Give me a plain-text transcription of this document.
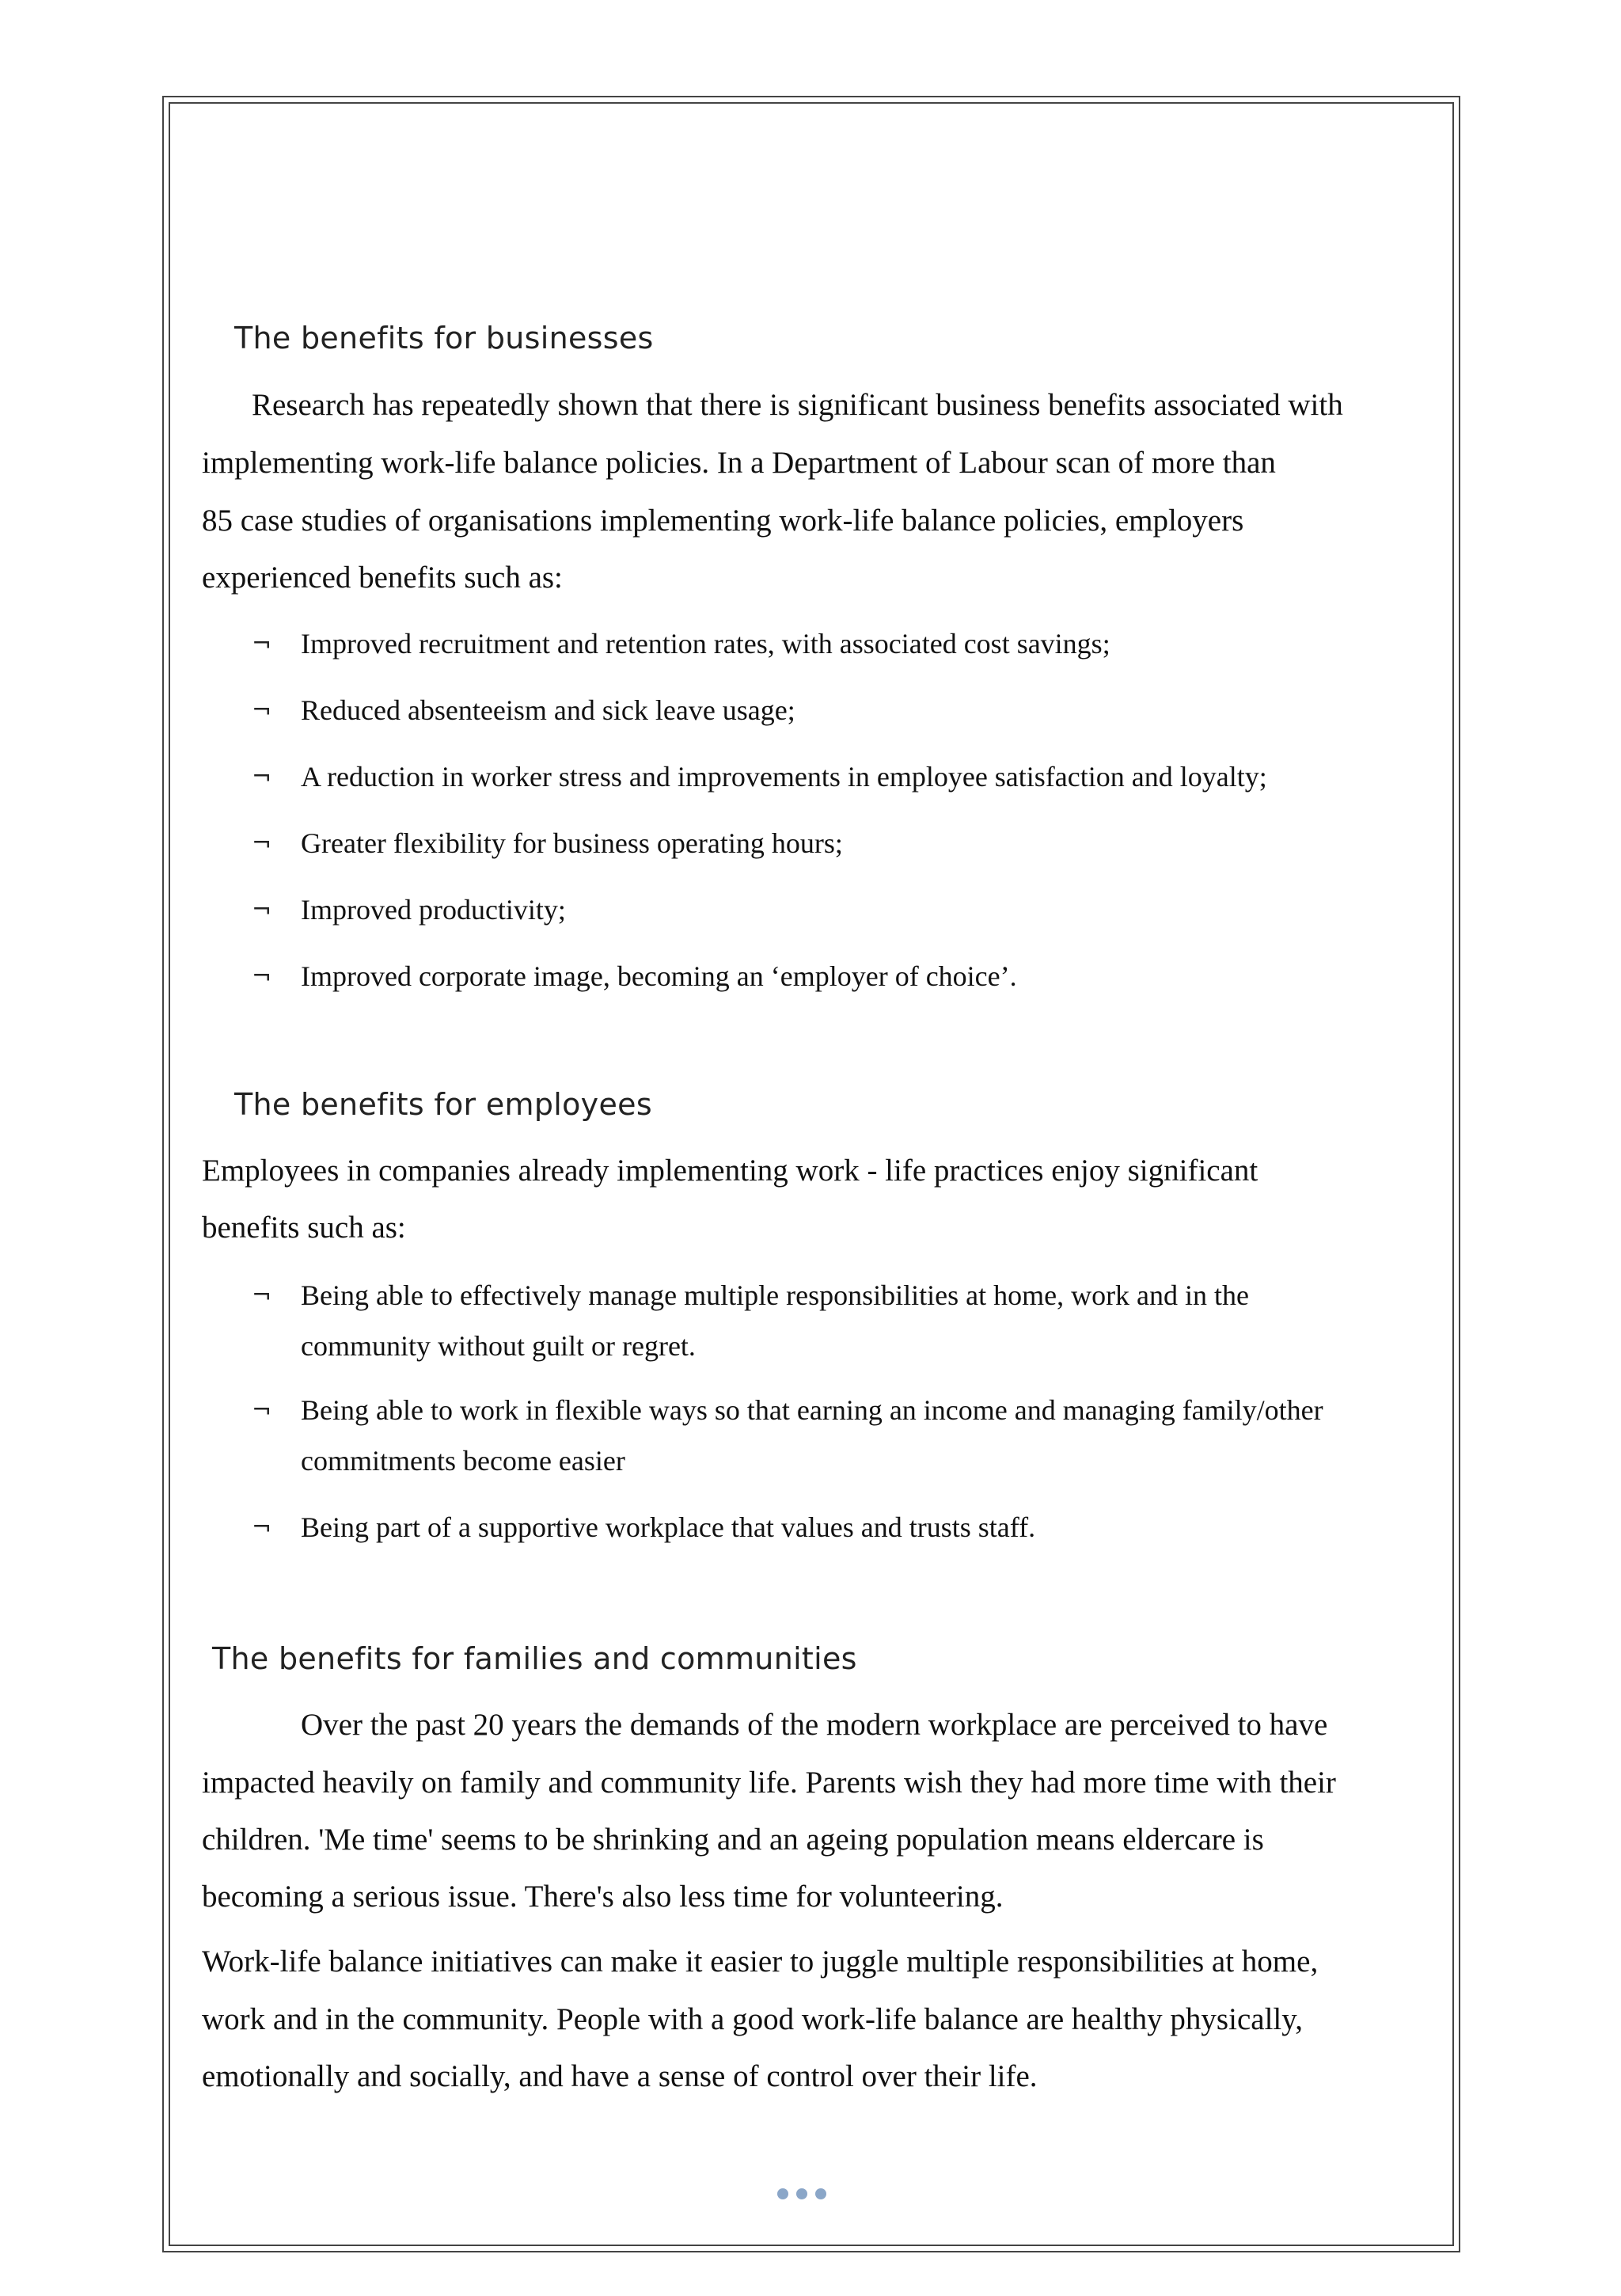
The benefits for businesses

Research has repeatedly shown that there is significant business benefits associated with

implementing work-life balance policies. In a Department of Labour scan of more than

85 case studies of organisations implementing work-life balance policies, employers

experienced benefits such as:

¬ Improved recruitment and retention rates, with associated cost savings;

¬ Reduced absenteeism and sick leave usage;

¬ A reduction in worker stress and improvements in employee satisfaction and loyalty;

¬ Greater flexibility for business operating hours;

¬ Improved productivity;

¬ Improved corporate image, becoming an ‘employer of choice’.

The benefits for employees

Employees in companies already implementing work - life practices enjoy significant

benefits such as:

¬ Being able to effectively manage multiple responsibilities at home, work and in the

community without guilt or regret.

¬ Being able to work in flexible ways so that earning an income and managing family/other

commitments become easier

¬ Being part of a supportive workplace that values and trusts staff.

The benefits for families and communities

Over the past 20 years the demands of the modern workplace are perceived to have

impacted heavily on family and community life. Parents wish they had more time with their

children. 'Me time' seems to be shrinking and an ageing population means eldercare is

becoming a serious issue. There's also less time for volunteering.

Work-life balance initiatives can make it easier to juggle multiple responsibilities at home,

work and in the community. People with a good work-life balance are healthy physically,

emotionally and socially, and have a sense of control over their life.
